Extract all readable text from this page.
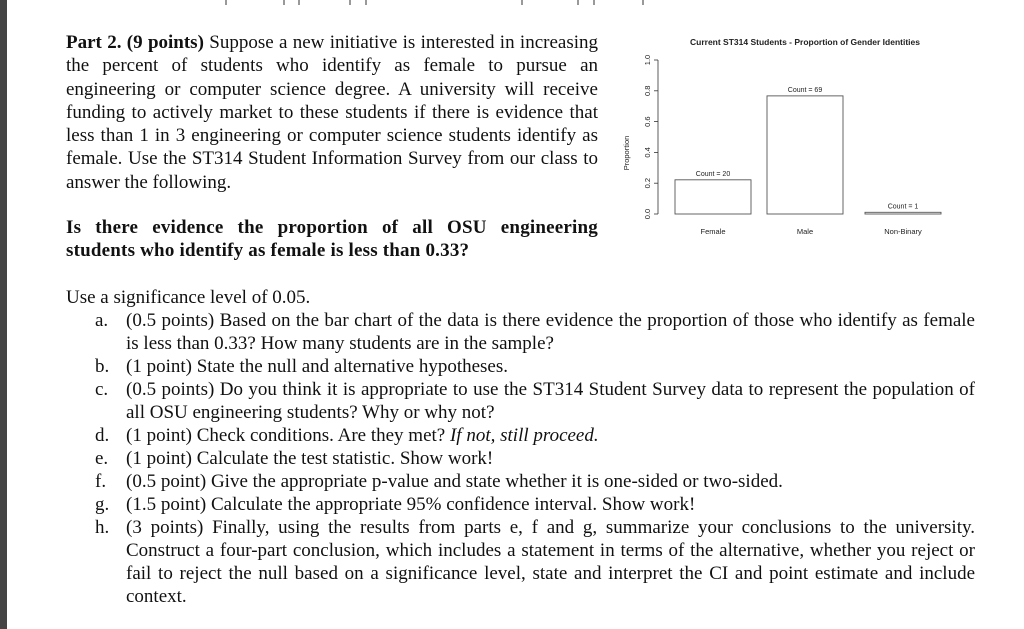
Part 2. (9 points) Suppose a new initiative is interested in increasing the percent of students who identify as female to pursue an engineering or computer science degree. A university will receive funding to actively market to these students if there is evidence that less than 1 in 3 engineering or computer science students identify as female. Use the ST314 Student Information Survey from our class to answer the following.
Is there evidence the proportion of all OSU engineering students who identify as female is less than 0.33?
Current ST314 Students - Proportion of Gender Identities
Proportion
0.0
0.2
0.4
0.6
0.8
1.0
Count = 20
Female
Count = 69
Male
Count = 1
Non-Binary
Use a significance level of 0.05.
a. (0.5 points) Based on the bar chart of the data is there evidence the proportion of those who identify as female is less than 0.33? How many students are in the sample?
b. (1 point) State the null and alternative hypotheses.
c. (0.5 points) Do you think it is appropriate to use the ST314 Student Survey data to represent the population of all OSU engineering students? Why or why not?
d. (1 point) Check conditions. Are they met? If not, still proceed.
e. (1 point) Calculate the test statistic. Show work!
f.	(0.5 point) Give the appropriate p-value and state whether it is one-sided or two-sided.
g. (1.5 point) Calculate the appropriate 95% confidence interval. Show work!
h. (3 points) Finally, using the results from parts e, f and g, summarize your conclusions to the university. Construct a four-part conclusion, which includes a statement in terms of the alternative, whether you reject or fail to reject the null based on a significance level, state and interpret the CI and point estimate and include context.
